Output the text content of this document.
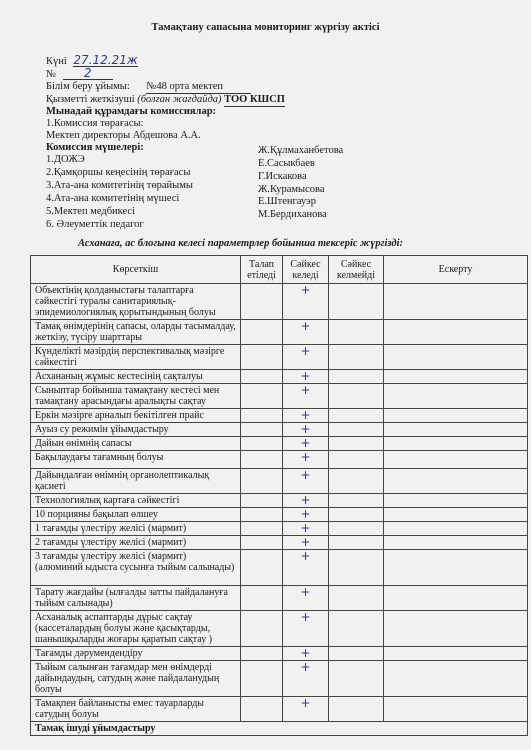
Тамақтану сапасына мониторинг жүргізу актісі
Күні 27.12.21ж
№ 2
Білім беру ұйымы: №48 орта мектеп
Қызметті жеткізуші (болған жағдайда) ТОО КШСП
Мынадай құрамдағы комиссиялар:
1.Комиссия төрағасы:
Мектеп директоры Абдешова А.А.
Комиссия мүшелері:
1.ДОЖЭ
2.Қамқоршы кеңесінің төрағасы
3.Ата-ана комитетінің төрайымы
4.Ата-ана комитетінің мүшесі
5.Мектеп медбикесі
6. Әлеуметтік педагог
Ж.Құлмаханбетова
Е.Сасыкбаев
Г.Искакова
Ж.Курамысова
Е.Штенгауэр
М.Бердиханова
Асханаға, ас блогына келесі параметрлер бойынша тексеріс жүргізді:
Көрсеткіш	Талап етіледі	Сәйкес келеді	Сәйкес келмейді	Ескерту
Объектінің қолданыстағы талаптарға сәйкестігі туралы санитариялық-эпидемиологиялық қорытындының болуы		+		
Тамақ өнімдерінің сапасы, оларды тасымалдау, жеткізу, түсіру шарттары		+		
Күнделікті мәзірдің перспективалық мәзірге сәйкестігі		+		
Асхананың жұмыс кестесінің сақталуы		+		
Сыныптар бойынша тамақтану кестесі мен тамақтану арасындағы аралықты сақтау		+		
Еркін мәзірге арналып бекітілген прайс		+		
Ауыз су режимін ұйымдастыру		+		
Дайын өнімнің сапасы		+		
Бақылаудағы тағамның болуы		+		
Дайындалған өнімнің органолептикалық қасиеті		+		
Технологиялық картаға сәйкестігі		+		
10 порцияны бақылап өлшеу		+		
1 тағамды үлестіру желісі (мармит)		+		
2 тағамды үлестіру желісі (мармит)		+		
3 тағамды үлестіру желісі (мармит) (алюминий ыдыста сусынға тыйым салынады)		+		
Тарату жағдайы (ылғалды затты пайдалануға тыйым салынады)		+		
Асханалық аспаптарды дұрыс сақтау (кассеталардың болуы және қасықтарды, шанышқыларды жоғары қаратып сақтау )		+		
Тағамды дәрумендендіру		+		
Тыйым салынған тағамдар мен өнімдерді дайындаудың, сатудың және пайдаланудың болуы		+		
Тамақпен байланысты емес тауарларды сатудың болуы		+		
Тамақ ішуді ұйымдастыру				
